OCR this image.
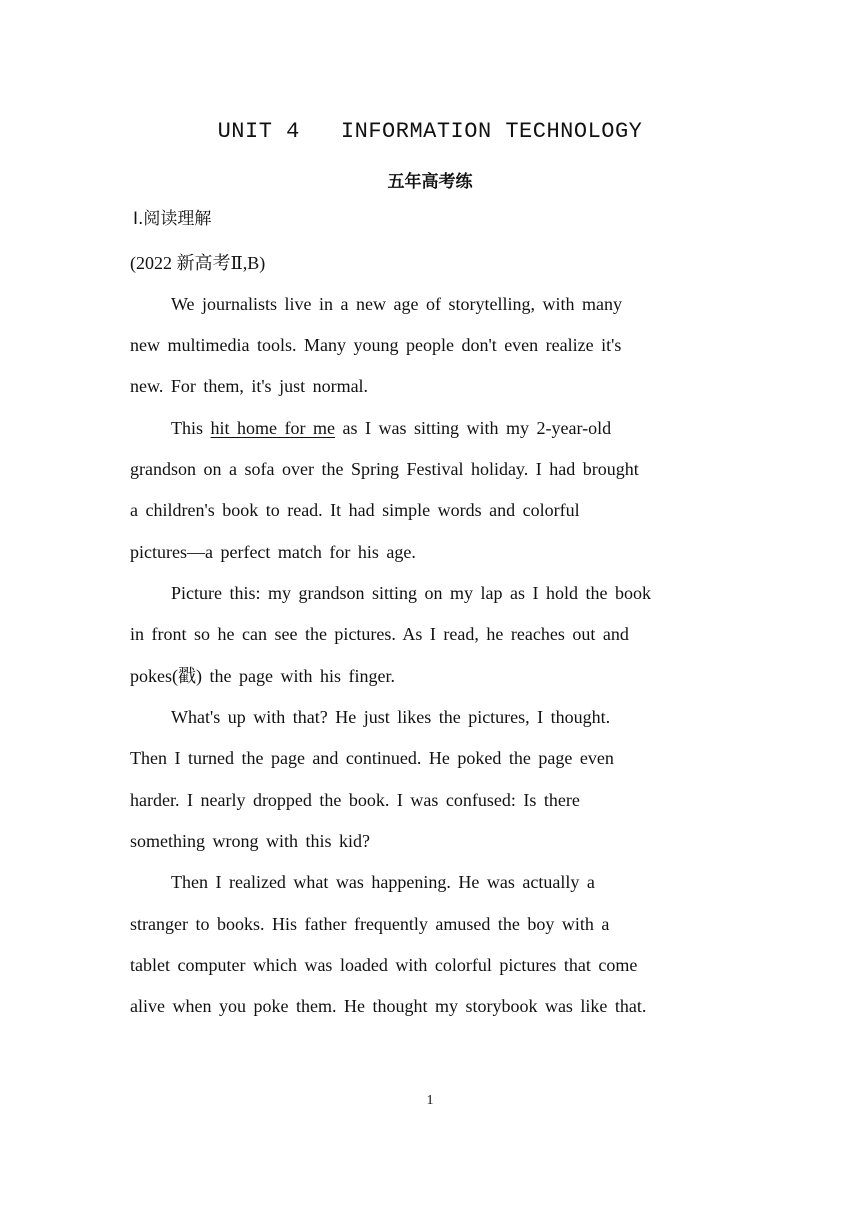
UNIT 4   INFORMATION TECHNOLOGY
五年高考练
Ⅰ.阅读理解
(2022 新高考Ⅱ,B)
We journalists live in a new age of storytelling, with many
new multimedia tools. Many young people don't even realize it's
new. For them, it's just normal.
This hit home for me as I was sitting with my 2-year-old
grandson on a sofa over the Spring Festival holiday. I had brought
a children's book to read. It had simple words and colorful
pictures—a perfect match for his age.
Picture this: my grandson sitting on my lap as I hold the book
in front so he can see the pictures. As I read, he reaches out and
pokes(戳) the page with his finger.
What's up with that? He just likes the pictures, I thought.
Then I turned the page and continued. He poked the page even
harder. I nearly dropped the book. I was confused: Is there
something wrong with this kid?
Then I realized what was happening. He was actually a
stranger to books. His father frequently amused the boy with a
tablet computer which was loaded with colorful pictures that come
alive when you poke them. He thought my storybook was like that.
1
